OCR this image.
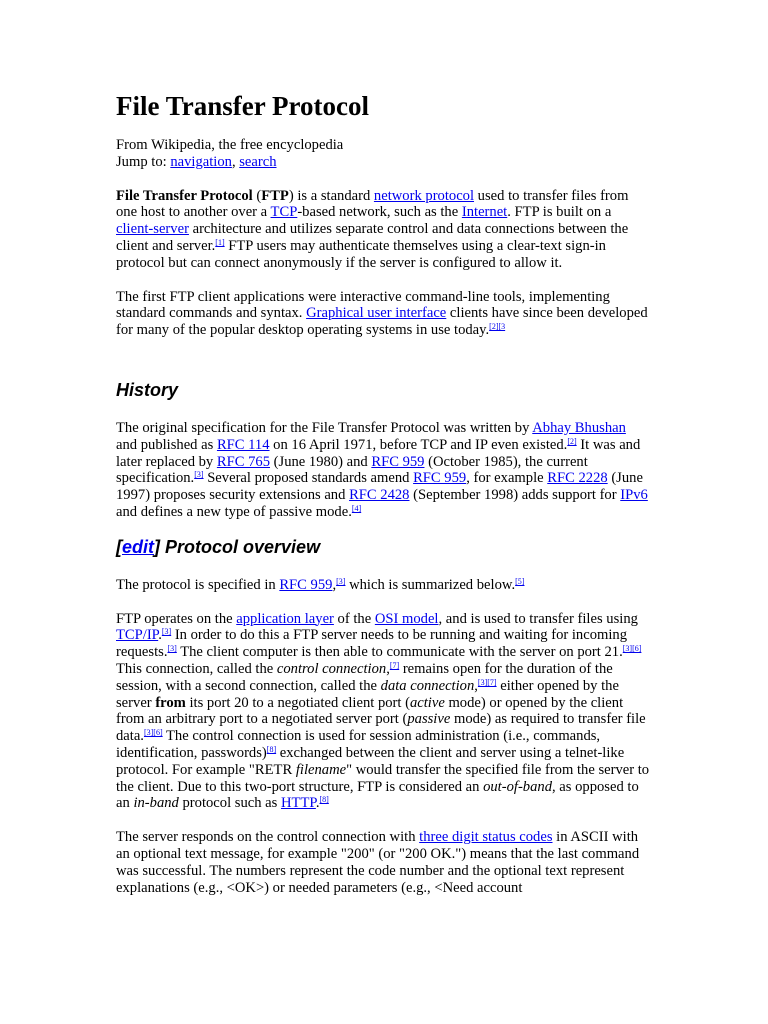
File Transfer Protocol
From Wikipedia, the free encyclopedia
Jump to: navigation, search

File Transfer Protocol (FTP) is a standard network protocol used to transfer files from one host to another over a TCP-based network, such as the Internet. FTP is built on a client-server architecture and utilizes separate control and data connections between the client and server.[1] FTP users may authenticate themselves using a clear-text sign-in protocol but can connect anonymously if the server is configured to allow it.

The first FTP client applications were interactive command-line tools, implementing standard commands and syntax. Graphical user interface clients have since been developed for many of the popular desktop operating systems in use today.$^{[2][3}$

History

The original specification for the File Transfer Protocol was written by Abhay Bhushan and published as RFC 114 on 16 April 1971, before TCP and IP even existed.[2] It was and later replaced by RFC 765 (June 1980) and RFC 959 (October 1985), the current specification.[3] Several proposed standards amend RFC 959, for example RFC 2228 (June 1997) proposes security extensions and RFC 2428 (September 1998) adds support for IPv6 and defines a new type of passive mode.[4]

[edit] Protocol overview

The protocol is specified in RFC 959,[3] which is summarized below.[5]

FTP operates on the application layer of the OSI model, and is used to transfer files using TCP/IP.[3] In order to do this a FTP server needs to be running and waiting for incoming requests.[3] The client computer is then able to communicate with the server on port 21.[3][6] This connection, called the control connection,[7] remains open for the duration of the session, with a second connection, called the data connection,[3][7] either opened by the server from its port 20 to a negotiated client port (active mode) or opened by the client from an arbitrary port to a negotiated server port (passive mode) as required to transfer file data.[3][6] The control connection is used for session administration (i.e., commands, identification, passwords)[8] exchanged between the client and server using a telnet-like protocol. For example "RETR filename" would transfer the specified file from the server to the client. Due to this two-port structure, FTP is considered an out-of-band, as opposed to an in-band protocol such as HTTP.[8]

The server responds on the control connection with three digit status codes in ASCII with an optional text message, for example "200" (or "200 OK.") means that the last command was successful. The numbers represent the code number and the optional text represent explanations (e.g., <OK>) or needed parameters (e.g., <Need account
